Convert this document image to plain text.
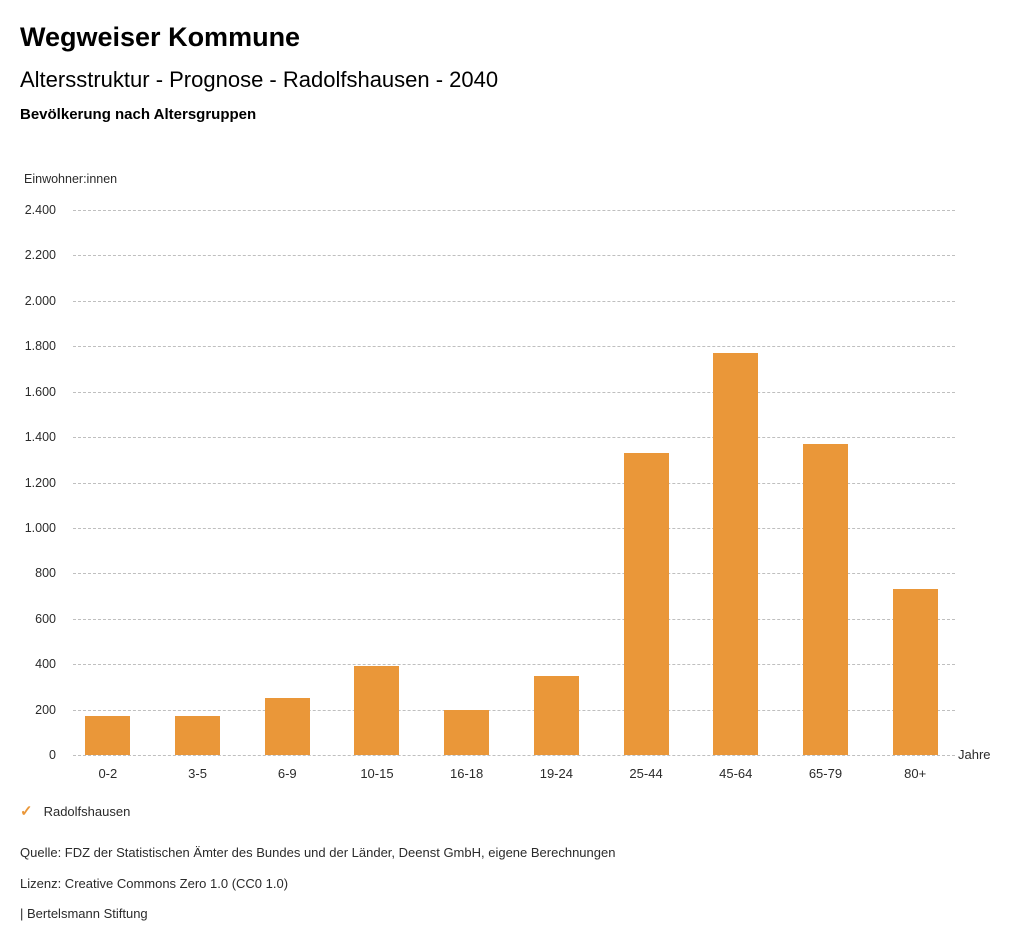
Wegweiser Kommune
Altersstruktur - Prognose - Radolfshausen - 2040
Bevölkerung nach Altersgruppen
Einwohner:innen
0
200
400
600
800
1.000
1.200
1.400
1.600
1.800
2.000
2.200
2.400
0-2	3-5	6-9	10-15	16-18	19-24	25-44	45-64	65-79	80+
Jahre
✓ Radolfshausen
Quelle: FDZ der Statistischen Ämter des Bundes und der Länder, Deenst GmbH, eigene Berechnungen
Lizenz: Creative Commons Zero 1.0 (CC0 1.0)
| Bertelsmann Stiftung
